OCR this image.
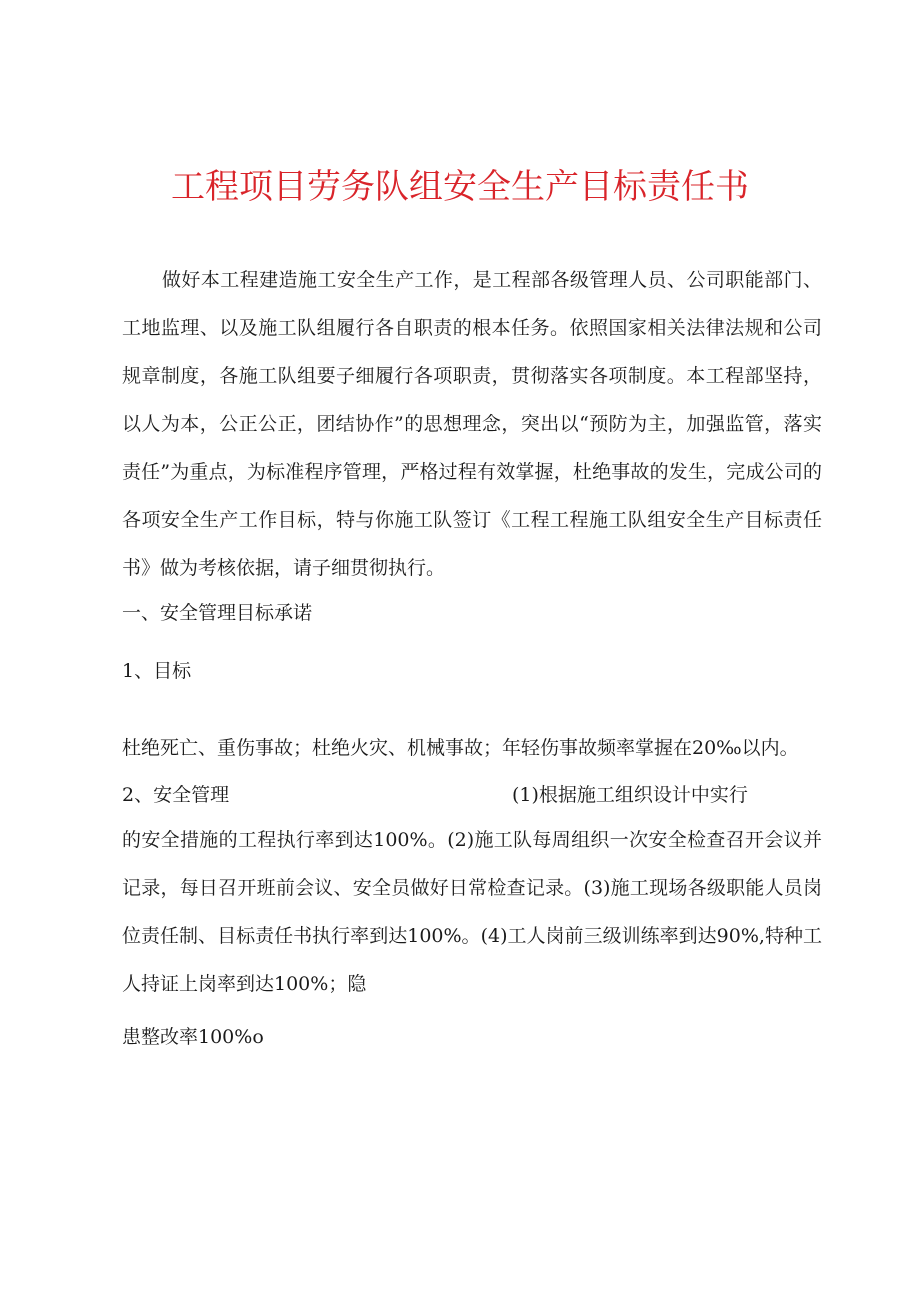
工程项目劳务队组安全生产目标责任书

做好本工程建造施工安全生产工作，是工程部各级管理人员、公司职能部门、工地监理、以及施工队组履行各自职责的根本任务。依照国家相关法律法规和公司规章制度，各施工队组要子细履行各项职责，贯彻落实各项制度。本工程部坚持，以人为本，公正公正，团结协作”的思想理念，突出以“预防为主，加强监管，落实责任”为重点，为标准程序管理，严格过程有效掌握，杜绝事故的发生，完成公司的各项安全生产工作目标，特与你施工队签订《工程工程施工队组安全生产目标责任书》做为考核依据，请子细贯彻执行。

一、安全管理目标承诺
1、目标
杜绝死亡、重伤事故；杜绝火灾、机械事故；年轻伤事故频率掌握在20‰以内。
2、安全管理	(1)根据施工组织设计中实行

的安全措施的工程执行率到达100%。(2)施工队每周组织一次安全检查召开会议并记录，每日召开班前会议、安全员做好日常检查记录。(3)施工现场各级职能人员岗位责任制、目标责任书执行率到达100%。(4)工人岗前三级训练率到达90%,特种工人持证上岗率到达100%；隐

患整改率100%o
